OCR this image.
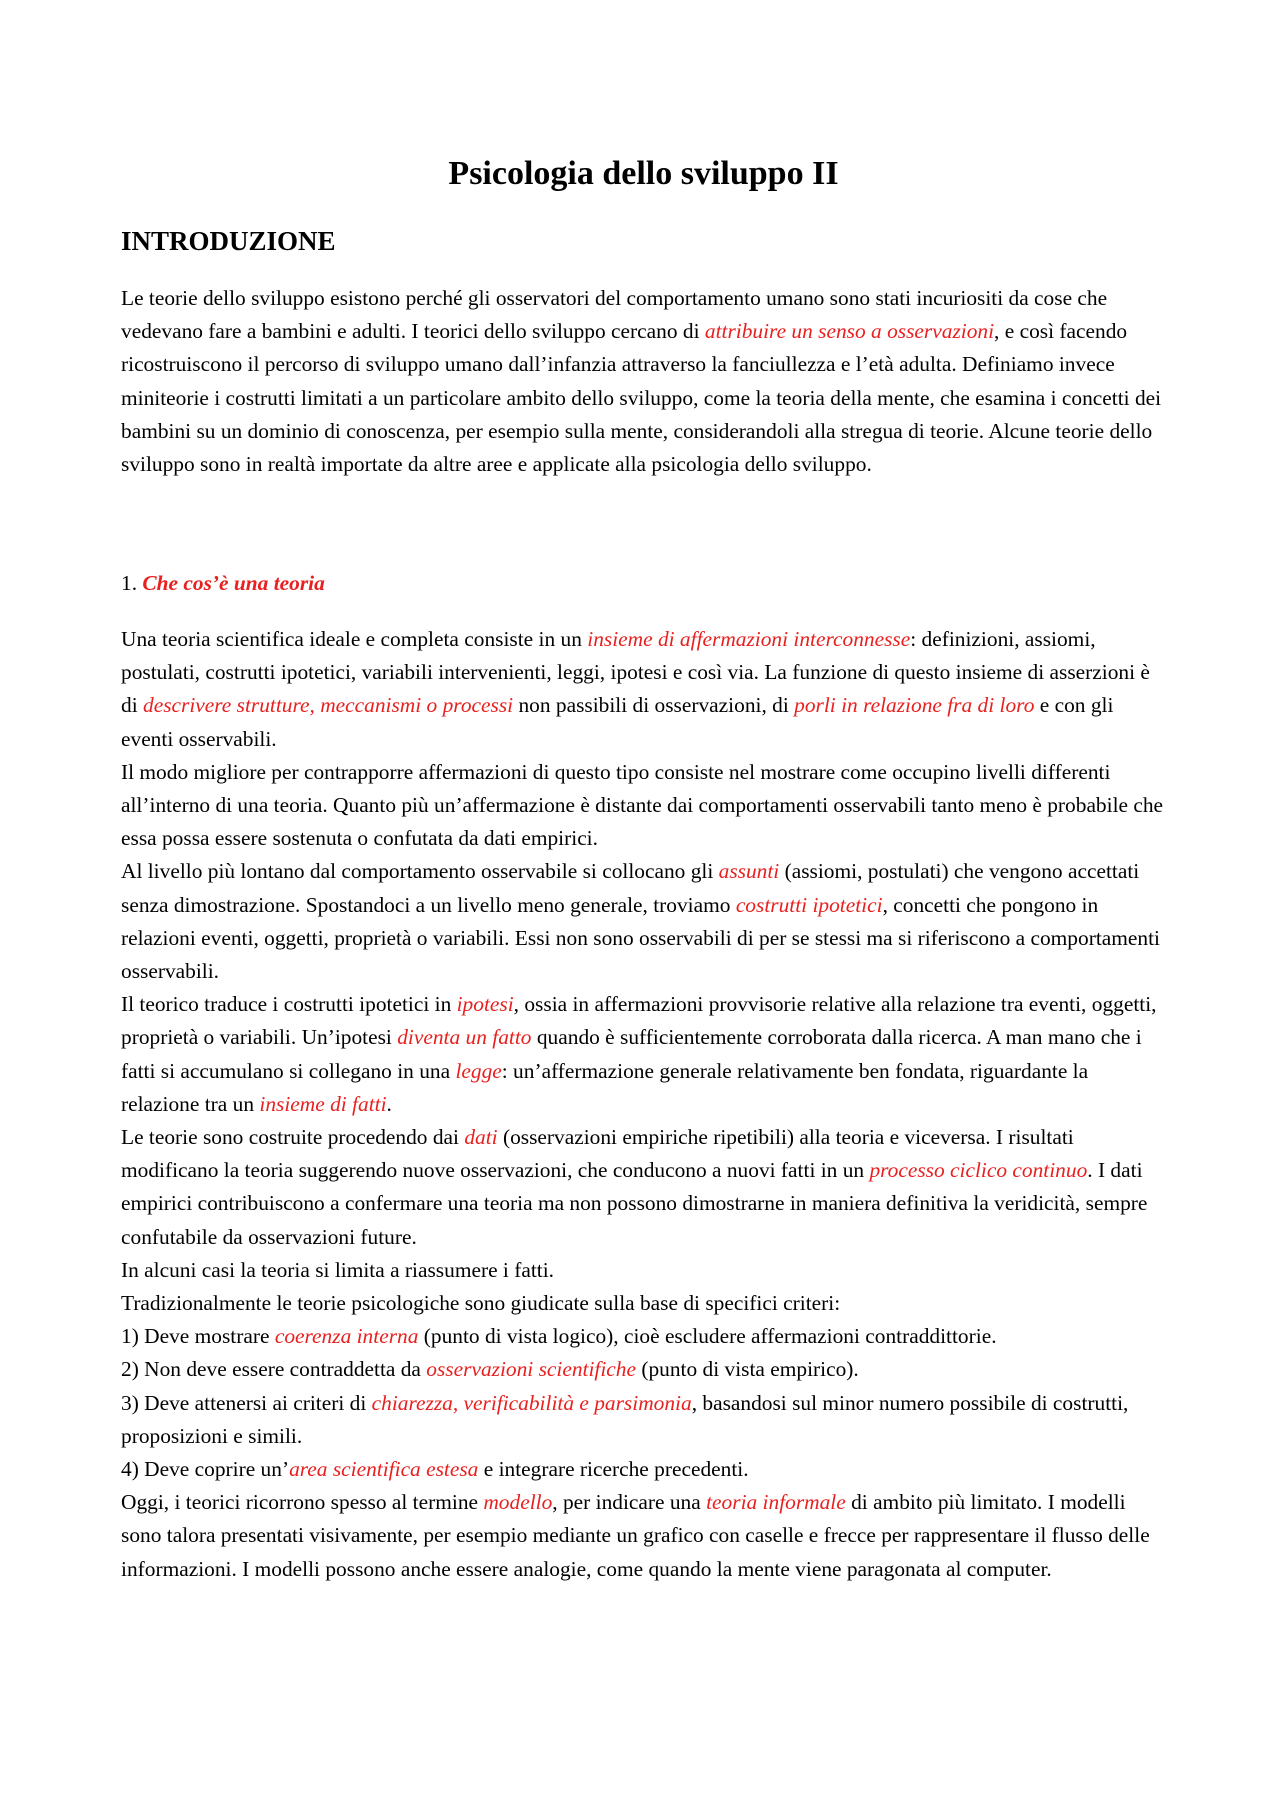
Psicologia dello sviluppo II
INTRODUZIONE

Le teorie dello sviluppo esistono perché gli osservatori del comportamento umano sono stati incuriositi da cose che vedevano fare a bambini e adulti. I teorici dello sviluppo cercano di attribuire un senso a osservazioni, e così facendo ricostruiscono il percorso di sviluppo umano dall’infanzia attraverso la fanciullezza e l’età adulta. Definiamo invece miniteorie i costrutti limitati a un particolare ambito dello sviluppo, come la teoria della mente, che esamina i concetti dei bambini su un dominio di conoscenza, per esempio sulla mente, considerandoli alla stregua di teorie. Alcune teorie dello sviluppo sono in realtà importate da altre aree e applicate alla psicologia dello sviluppo.

1. Che cos’è una teoria

Una teoria scientifica ideale e completa consiste in un insieme di affermazioni interconnesse: definizioni, assiomi, postulati, costrutti ipotetici, variabili intervenienti, leggi, ipotesi e così via. La funzione di questo insieme di asserzioni è di descrivere strutture, meccanismi o processi non passibili di osservazioni, di porli in relazione fra di loro e con gli eventi osservabili.
Il modo migliore per contrapporre affermazioni di questo tipo consiste nel mostrare come occupino livelli differenti all’interno di una teoria. Quanto più un’affermazione è distante dai comportamenti osservabili tanto meno è probabile che essa possa essere sostenuta o confutata da dati empirici.
Al livello più lontano dal comportamento osservabile si collocano gli assunti (assiomi, postulati) che vengono accettati senza dimostrazione. Spostandoci a un livello meno generale, troviamo costrutti ipotetici, concetti che pongono in relazioni eventi, oggetti, proprietà o variabili. Essi non sono osservabili di per se stessi ma si riferiscono a comportamenti osservabili.
Il teorico traduce i costrutti ipotetici in ipotesi, ossia in affermazioni provvisorie relative alla relazione tra eventi, oggetti, proprietà o variabili. Un’ipotesi diventa un fatto quando è sufficientemente corroborata dalla ricerca. A man mano che i fatti si accumulano si collegano in una legge: un’affermazione generale relativamente ben fondata, riguardante la relazione tra un insieme di fatti.
Le teorie sono costruite procedendo dai dati (osservazioni empiriche ripetibili) alla teoria e viceversa. I risultati modificano la teoria suggerendo nuove osservazioni, che conducono a nuovi fatti in un processo ciclico continuo. I dati empirici contribuiscono a confermare una teoria ma non possono dimostrarne in maniera definitiva la veridicità, sempre confutabile da osservazioni future.
In alcuni casi la teoria si limita a riassumere i fatti.
Tradizionalmente le teorie psicologiche sono giudicate sulla base di specifici criteri:
1) Deve mostrare coerenza interna (punto di vista logico), cioè escludere affermazioni contraddittorie.
2) Non deve essere contraddetta da osservazioni scientifiche (punto di vista empirico).
3) Deve attenersi ai criteri di chiarezza, verificabilità e parsimonia, basandosi sul minor numero possibile di costrutti, proposizioni e simili.
4) Deve coprire un’area scientifica estesa e integrare ricerche precedenti.
Oggi, i teorici ricorrono spesso al termine modello, per indicare una teoria informale di ambito più limitato. I modelli sono talora presentati visivamente, per esempio mediante un grafico con caselle e frecce per rappresentare il flusso delle informazioni. I modelli possono anche essere analogie, come quando la mente viene paragonata al computer.
